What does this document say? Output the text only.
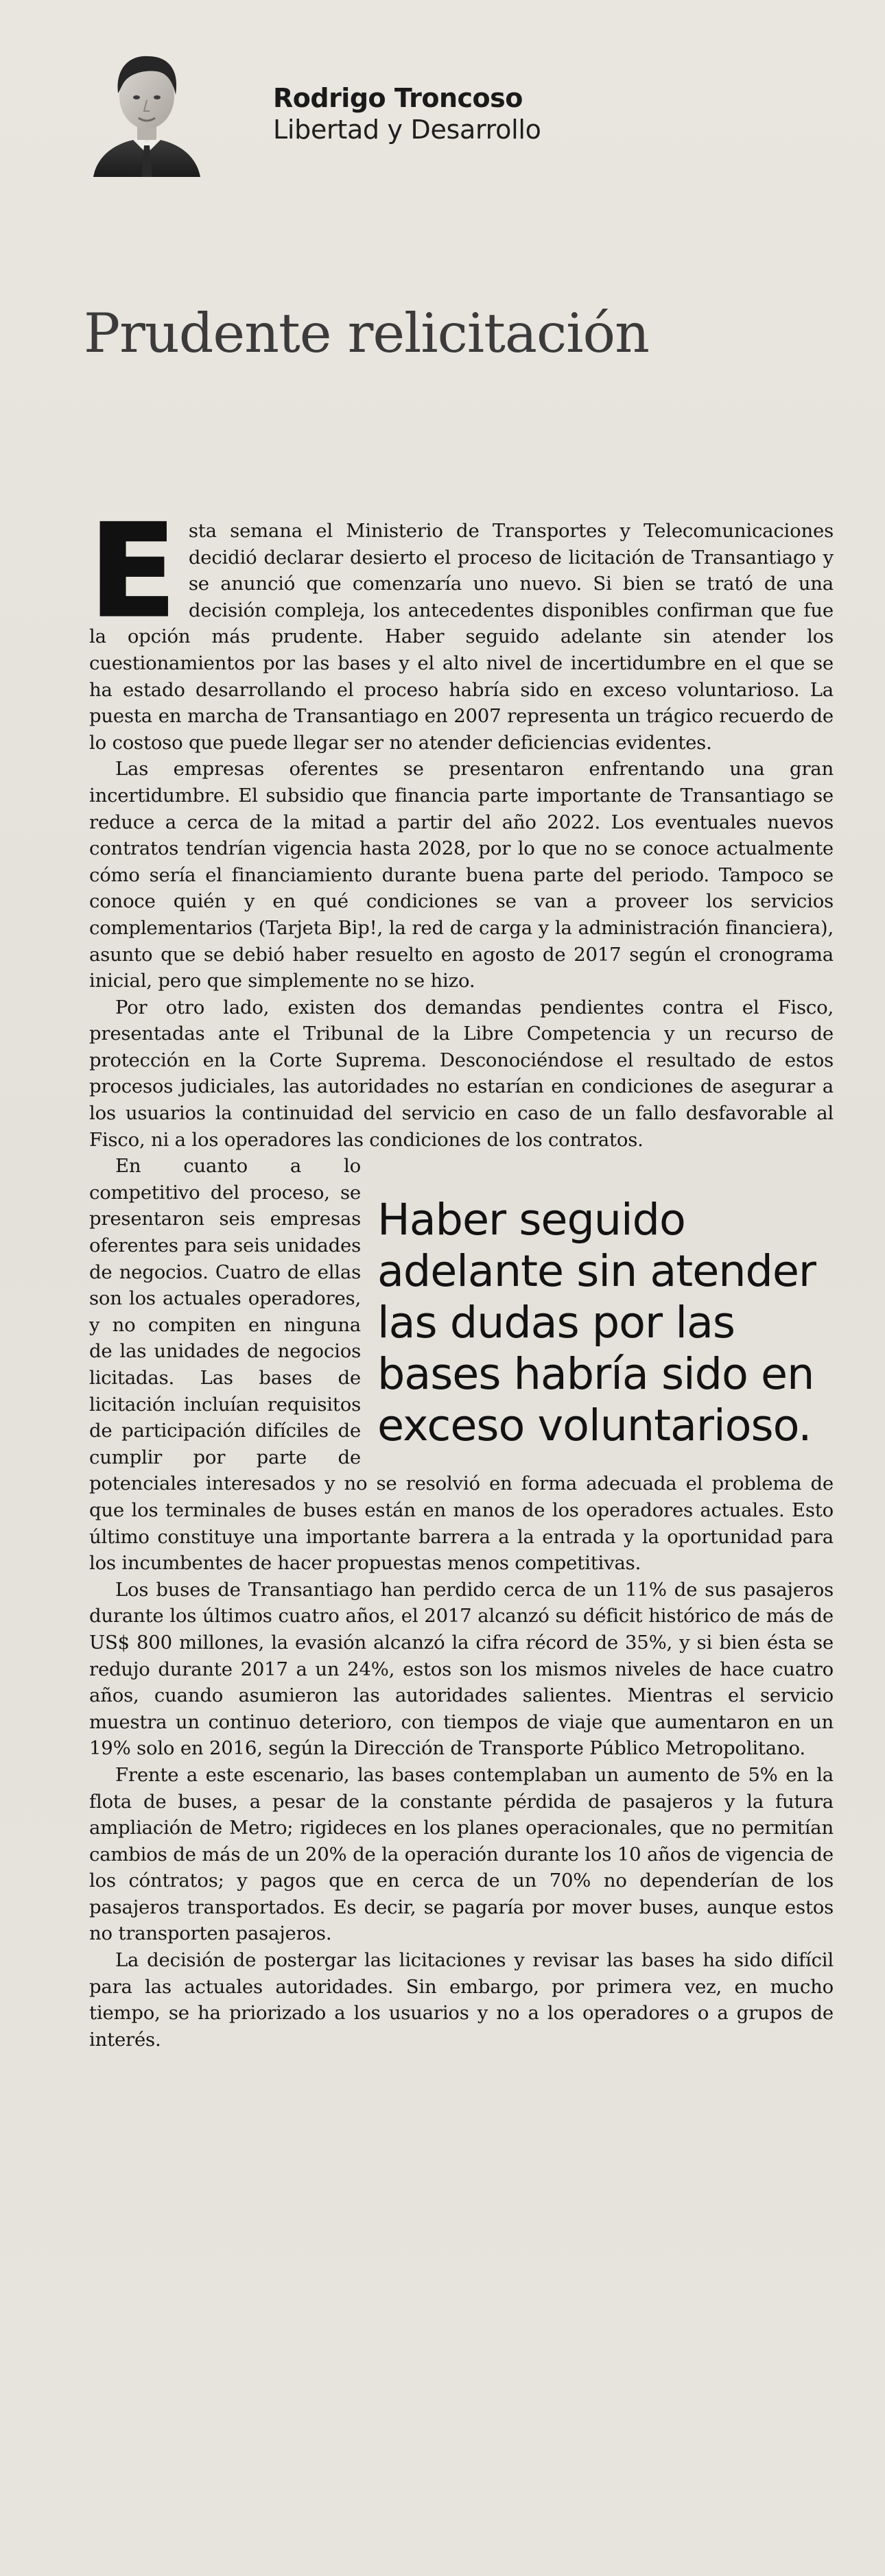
Rodrigo Troncoso
Libertad y Desarrollo
Prudente relicitación

Esta semana el Ministerio de Transportes y Telecomunicaciones decidió declarar desierto el proceso de licitación de Transantiago y se anunció que comenzaría uno nuevo. Si bien se trató de una decisión compleja, los antecedentes disponibles confirman que fue la opción más prudente. Haber seguido adelante sin atender los cuestionamientos por las bases y el alto nivel de incertidumbre en el que se ha estado desarrollando el proceso habría sido en exceso voluntarioso. La puesta en marcha de Transantiago en 2007 representa un trágico recuerdo de lo costoso que puede llegar ser no atender deficiencias evidentes.

Las empresas oferentes se presentaron enfrentando una gran incertidumbre. El subsidio que financia parte importante de Transantiago se reduce a cerca de la mitad a partir del año 2022. Los eventuales nuevos contratos tendrían vigencia hasta 2028, por lo que no se conoce actualmente cómo sería el financiamiento durante buena parte del periodo. Tampoco se conoce quién y en qué condiciones se van a proveer los servicios complementarios (Tarjeta Bip!, la red de carga y la administración financiera), asunto que se debió haber resuelto en agosto de 2017 según el cronograma inicial, pero que simplemente no se hizo.

Por otro lado, existen dos demandas pendientes contra el Fisco, presentadas ante el Tribunal de la Libre Competencia y un recurso de protección en la Corte Suprema. Desconociéndose el resultado de estos procesos judiciales, las autoridades no estarían en condiciones de asegurar a los usuarios la continuidad del servicio en caso de un fallo desfavorable al Fisco, ni a los operadores las condiciones de los contratos.

Haber seguido adelante sin atender las dudas por las bases habría sido en exceso voluntarioso.
En cuanto a lo competitivo del proceso, se presentaron seis empresas oferentes para seis unidades de negocios. Cuatro de ellas son los actuales operadores, y no compiten en ninguna de las unidades de negocios licitadas. Las bases de licitación incluían requisitos de participación difíciles de cumplir por parte de potenciales interesados y no se resolvió en forma adecuada el problema de que los terminales de buses están en manos de los operadores actuales. Esto último constituye una importante barrera a la entrada y la oportunidad para los incumbentes de hacer propuestas menos competitivas.

Los buses de Transantiago han perdido cerca de un 11% de sus pasajeros durante los últimos cuatro años, el 2017 alcanzó su déficit histórico de más de US$ 800 millones, la evasión alcanzó la cifra récord de 35%, y si bien ésta se redujo durante 2017 a un 24%, estos son los mismos niveles de hace cuatro años, cuando asumieron las autoridades salientes. Mientras el servicio muestra un continuo deterioro, con tiempos de viaje que aumentaron en un 19% solo en 2016, según la Dirección de Transporte Público Metropolitano.

Frente a este escenario, las bases contemplaban un aumento de 5% en la flota de buses, a pesar de la constante pérdida de pasajeros y la futura ampliación de Metro; rigideces en los planes operacionales, que no permitían cambios de más de un 20% de la operación durante los 10 años de vigencia de los cóntratos; y pagos que en cerca de un 70% no dependerían de los pasajeros transportados. Es decir, se pagaría por mover buses, aunque estos no transporten pasajeros.

La decisión de postergar las licitaciones y revisar las bases ha sido difícil para las actuales autoridades. Sin embargo, por primera vez, en mucho tiempo, se ha priorizado a los usuarios y no a los operadores o a grupos de interés.
